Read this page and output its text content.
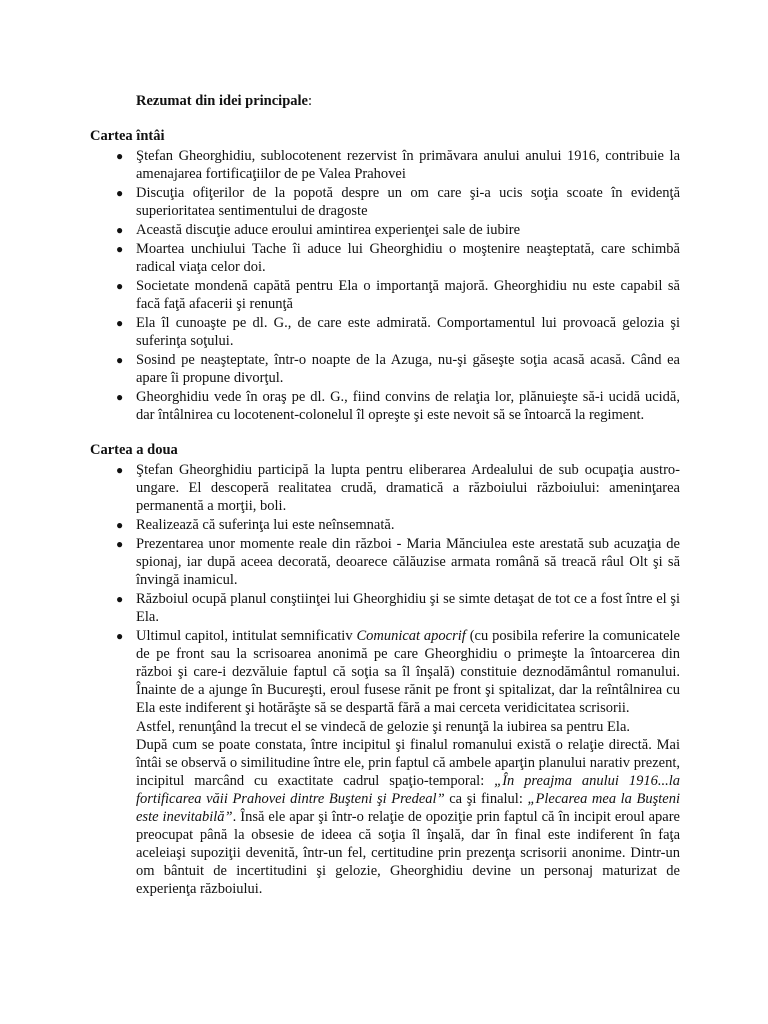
Rezumat din idei principale:
Cartea întâi
● Ştefan Gheorghidiu, sublocotenent rezervist în primăvara anului anului 1916, contribuie la amenajarea fortificaţiilor de pe Valea Prahovei

● Discuţia ofiţerilor de la popotă despre un om care şi-a ucis soţia scoate în evidenţă superioritatea sentimentului de dragoste

● Această discuţie aduce eroului amintirea experienţei sale de iubire

● Moartea unchiului Tache îi aduce lui Gheorghidiu o moştenire neaşteptată, care schimbă radical viaţa celor doi.

● Societate mondenă capătă pentru Ela o importanţă majoră. Gheorghidiu nu este capabil să facă faţă afacerii şi renunţă

● Ela îl cunoaşte pe dl. G., de care este admirată. Comportamentul lui provoacă gelozia şi suferinţa soţului.

● Sosind pe neaşteptate, într-o noapte de la Azuga, nu-şi găseşte soţia acasă acasă. Când ea apare îi propune divorţul.

● Gheorghidiu vede în oraş pe dl. G., fiind convins de relaţia lor, plănuieşte să-i ucidă ucidă, dar întâlnirea cu locotenent-colonelul îl opreşte şi este nevoit să se întoarcă la regiment.

Cartea a doua
● Ştefan Gheorghidiu participă la lupta pentru eliberarea Ardealului de sub ocupaţia austro-ungare. El descoperă realitatea crudă, dramatică a războiului războiului: ameninţarea permanentă a morţii, boli.

● Realizează că suferinţa lui este neînsemnată.

● Prezentarea unor momente reale din război - Maria Mănciulea este arestată sub acuzaţia de spionaj, iar după aceea decorată, deoarece călăuzise armata română să treacă râul Olt şi să învingă inamicul.

● Războiul ocupă planul conştiinţei lui Gheorghidiu şi se simte detaşat de tot ce a fost între el şi Ela.

● Ultimul capitol, intitulat semnificativ Comunicat apocrif (cu posibila referire la comunicatele de pe front sau la scrisoarea anonimă pe care Gheorghidiu o primeşte la întoarcerea din război şi care-i dezvăluie faptul că soţia sa îl înşală) constituie deznodământul romanului. Înainte de a ajunge în Bucureşti, eroul fusese rănit pe front şi spitalizat, dar la reîntâlnirea cu Ela este indiferent şi hotărăşte să se despartă fără a mai cerceta veridicitatea scrisorii.

Astfel, renunţând la trecut el se vindecă de gelozie şi renunţă la iubirea sa pentru Ela.

După cum se poate constata, între incipitul şi finalul romanului există o relaţie directă. Mai întâi se observă o similitudine între ele, prin faptul că ambele aparţin planului narativ prezent, incipitul marcând cu exactitate cadrul spaţio-temporal: „În preajma anului 1916...la fortificarea văii Prahovei dintre Buşteni şi Predeal” ca şi finalul: „Plecarea mea la Buşteni este inevitabilă”. Însă ele apar şi într-o relaţie de opoziţie prin faptul că în incipit eroul apare preocupat până la obsesie de ideea că soţia îl înşală, dar în final este indiferent în faţa aceleiaşi supoziţii devenită, într-un fel, certitudine prin prezenţa scrisorii anonime. Dintr-un om bântuit de incertitudini şi gelozie, Gheorghidiu devine un personaj maturizat de experienţa războiului.
